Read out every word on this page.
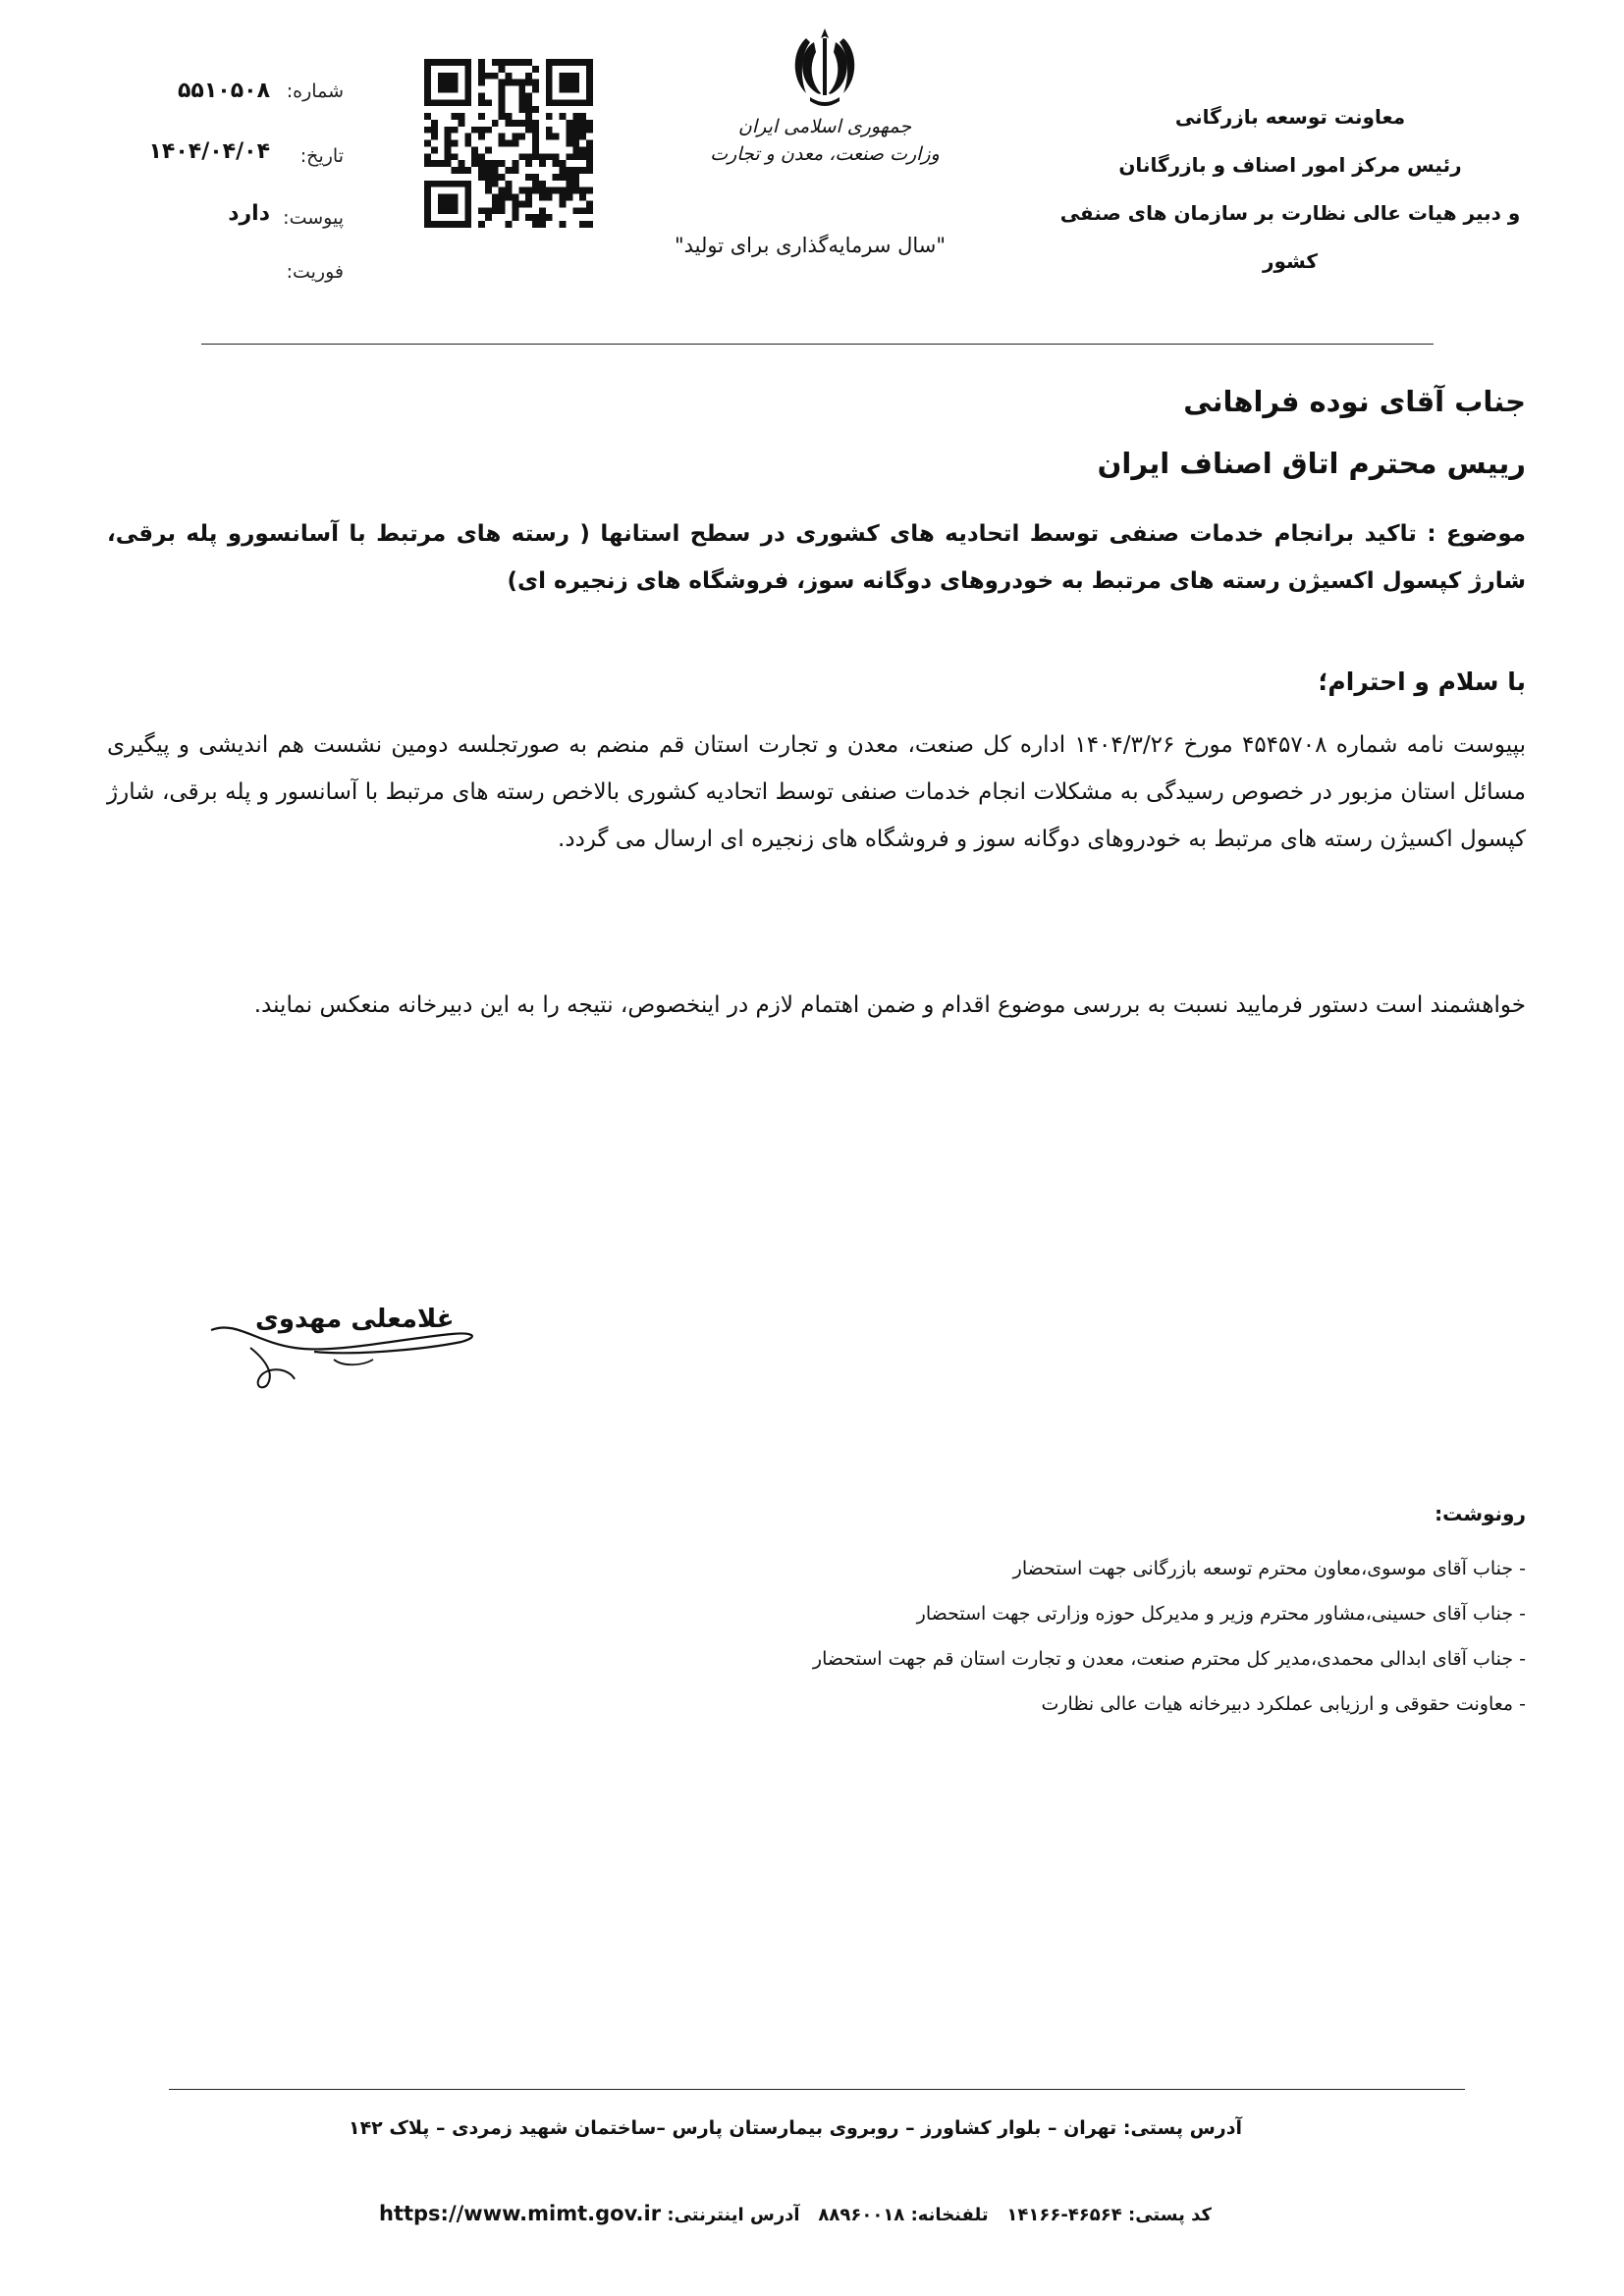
معاونت توسعه بازرگانی
رئیس مرکز امور اصناف و بازرگانان
و دبیر هیات عالی نظارت بر سازمان های صنفی کشور
جمهوری اسلامی ایران
وزارت صنعت، معدن و تجارت
"سال سرمایه‌گذاری برای تولید"
شماره:
۵۵۱۰۵۰۸
تاریخ:
۱۴۰۴/۰۴/۰۴
پیوست:
دارد
فوریت:
جناب آقای نوده فراهانی
رییس محترم اتاق اصناف ایران
موضوع : تاکید برانجام خدمات صنفی توسط اتحادیه های کشوری در سطح استانها ( رسته های مرتبط با آسانسورو پله برقی، شارژ کپسول اکسیژن رسته های مرتبط به خودروهای دوگانه سوز، فروشگاه های زنجیره ای)
با سلام و احترام؛
بپیوست نامه شماره ۴۵۴۵۷۰۸ مورخ ۱۴۰۴/۳/۲۶ اداره کل صنعت، معدن و تجارت استان قم منضم به صورتجلسه دومین نشست هم اندیشی و پیگیری مسائل استان مزبور در خصوص رسیدگی به مشکلات انجام خدمات صنفی توسط اتحادیه کشوری بالاخص رسته های مرتبط با آسانسور و پله برقی، شارژ کپسول اکسیژن رسته های مرتبط به خودروهای دوگانه سوز و فروشگاه های زنجیره ای ارسال می گردد.
خواهشمند است دستور فرمایید نسبت به بررسی موضوع اقدام و ضمن اهتمام لازم در اینخصوص، نتیجه را به این دبیرخانه منعکس نمایند.
غلامعلی مهدوی
رونوشت:
- جناب آقای موسوی،معاون محترم توسعه بازرگانی جهت استحضار
- جناب آقای حسینی،مشاور محترم وزیر و مدیرکل حوزه وزارتی جهت استحضار
- جناب آقای ابدالی محمدی،مدیر کل محترم صنعت، معدن و تجارت استان قم جهت استحضار
- معاونت حقوقی و ارزیابی عملکرد دبیرخانه هیات عالی نظارت
آدرس پستی: تهران – بلوار کشاورز – روبروی بیمارستان پارس –ساختمان شهید زمردی – پلاک ۱۴۲
کد پستی: ۴۶۵۶۴-۱۴۱۶۶   تلفنخانه: ۸۸۹۶۰۰۱۸   آدرس اینترنتی: https://www.mimt.gov.ir
